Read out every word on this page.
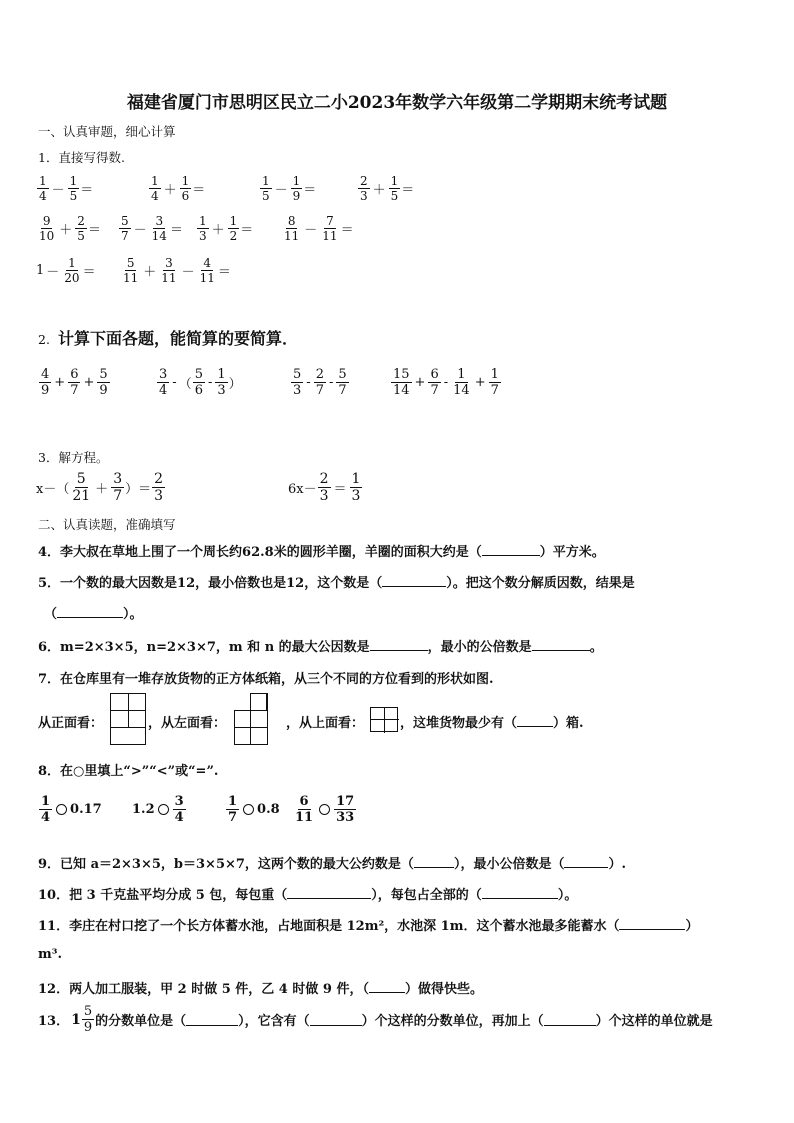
福建省厦门市思明区民立二小2023年数学六年级第二学期期末统考试题
一、认真审题，细心计算
1．直接写得数.
$\frac{1}{4} - \frac{1}{5}$ ＝	$\frac{1}{4} + \frac{1}{6}$ ＝	$\frac{1}{5} - \frac{1}{9}$ ＝	$\frac{2}{3} + \frac{1}{5}$ ＝
$\frac{9}{10} + \frac{2}{5} = \frac{5}{7} - \frac{3}{14} = \frac{1}{3} + \frac{1}{2} = \frac{8}{11} - \frac{7}{11}$ ＝
$1 - \frac{1}{20} = \frac{5}{11} + \frac{3}{11} - \frac{4}{11}$ ＝
2. 计算下面各题，能简算的要简算．
$\frac{4}{9} + \frac{6}{7} + \frac{5}{9}$	$\frac{3}{4}$ - （ $\frac{5}{6} - \frac{1}{3}$ ）	$\frac{5}{3} - \frac{2}{7} - \frac{5}{7}$	$\frac{15}{14} + \frac{6}{7} - \frac{1}{14} + \frac{1}{7}$
3．解方程。
$x-( \frac{5}{21} + \frac{3}{7}$ ）＝ $\frac{2}{3}$	$6x- \frac{2}{3} = \frac{1}{3}$
二、认真读题，准确填写
4．李大叔在草地上围了一个周长约62.8米的圆形羊圈，羊圈的面积大约是（	）平方米。
5．一个数的最大因数是12，最小倍数也是12，这个数是（	）。把这个数分解质因数，结果是
（	）。
6．m=2×3×5，n=2×3×7，m 和 n 的最大公因数是	，最小的公倍数是	。
7．在仓库里有一堆存放货物的正方体纸箱，从三个不同的方位看到的形状如图.
从正面看：	，从左面看：	，从上面看：	，这堆货物最少有（	）箱.
8．在○里填上“>”“<”或“=”.
$\frac{1}{4} 0.17$ $1.2 \frac{3}{4}$	$\frac{1}{7} 0.8 \frac{6}{11} \frac{17}{33}$
9．已知 a＝2×3×5，b＝3×5×7，这两个数的最大公约数是（	），最小公倍数是（	）.
10．把 3 千克盐平均分成 5 包，每包重（	），每包占全部的（	）。
11．李庄在村口挖了一个长方体蓄水池，占地面积是 12m²，水池深 1m．这个蓄水池最多能蓄水（	）
m³.
12．两人加工服装，甲 2 时做 5 件，乙 4 时做 9 件，（	）做得快些。
13． $1 \frac{5}{9}$ 的分数单位是（	），它含有（	）个这样的分数单位，再加上（	）个这样的单位就是
